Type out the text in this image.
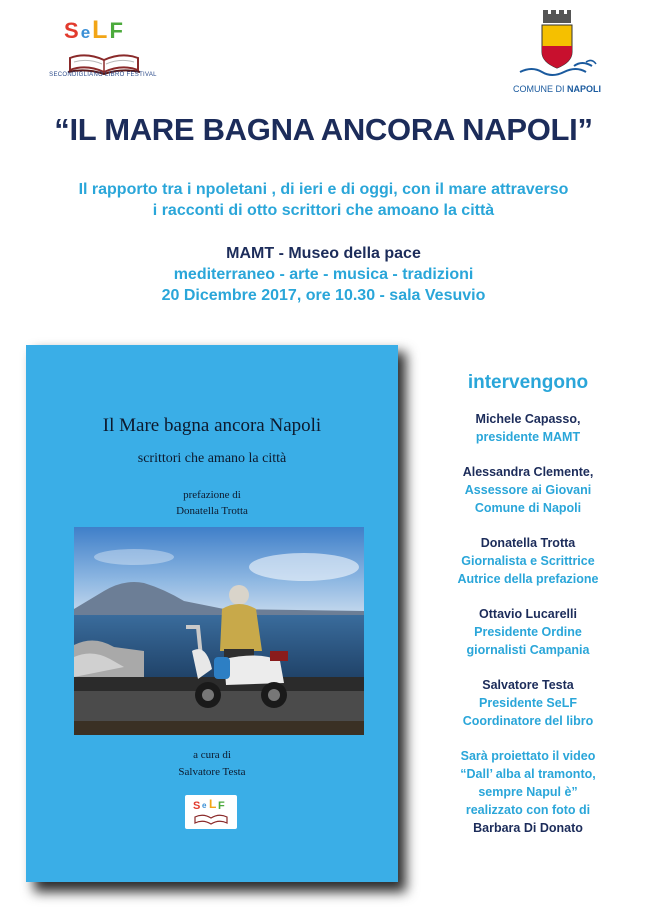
SeLF
SECONDIGLIANO LIBRO FESTIVAL
COMUNE DI NAPOLI
“IL MARE BAGNA ANCORA NAPOLI”
Il rapporto tra i npoletani , di ieri e di oggi, con il mare attraverso
i racconti di otto scrittori che amoano la città
MAMT - Museo della pace
mediterraneo - arte - musica - tradizioni
20 Dicembre 2017, ore 10.30 - sala Vesuvio
Il Mare bagna ancora Napoli
scrittori che amano la città
prefazione di
Donatella Trotta
a cura di
Salvatore Testa
S e L F
intervengono
Michele Capasso,
presidente MAMT
Alessandra Clemente,
Assessore ai Giovani
Comune di Napoli
Donatella Trotta
Giornalista e Scrittrice
Autrice della prefazione
Ottavio Lucarelli
Presidente Ordine
giornalisti Campania
Salvatore Testa
Presidente SeLF
Coordinatore del libro
Sarà proiettato il video
“Dall’ alba al tramonto,
sempre Napul è”
realizzato con foto di
Barbara Di Donato
